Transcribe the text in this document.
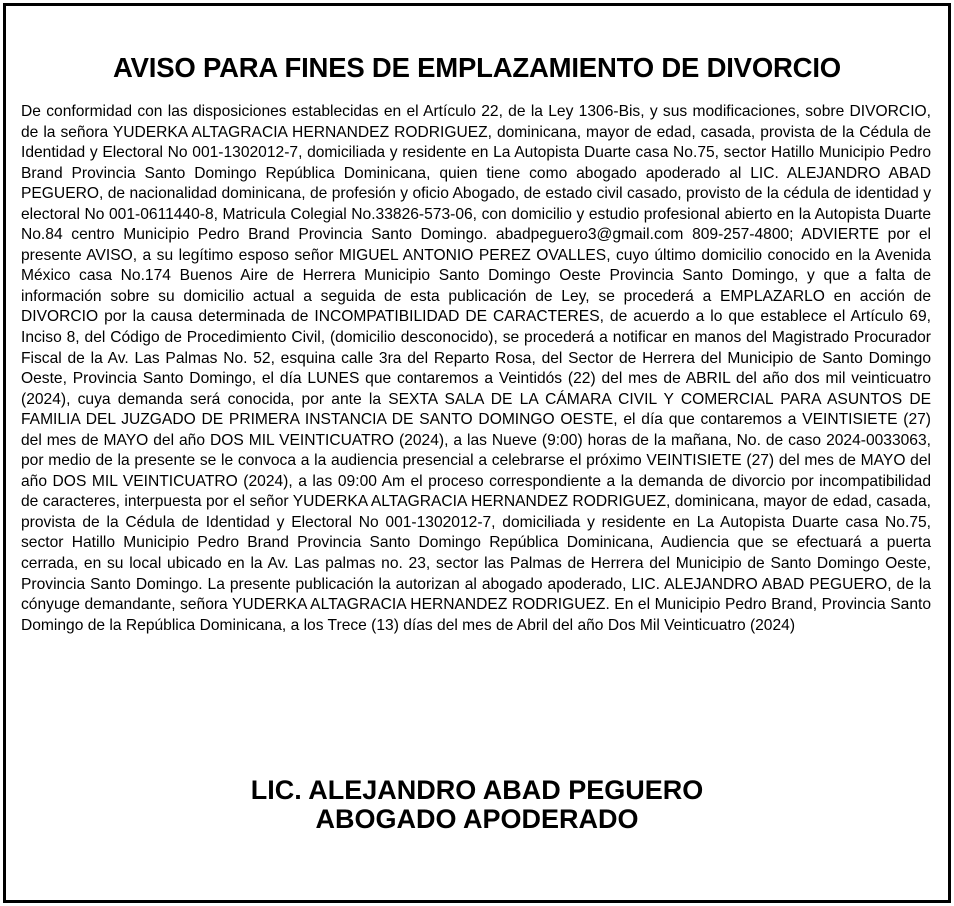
AVISO PARA FINES DE EMPLAZAMIENTO DE DIVORCIO

De conformidad con las disposiciones establecidas en el Artículo 22, de la Ley 1306-Bis, y sus modificaciones, sobre DIVORCIO, de la señora YUDERKA ALTAGRACIA HERNANDEZ RODRIGUEZ, dominicana, mayor de edad, casada, provista de la Cédula de Identidad y Electoral No 001-1302012-7, domiciliada y residente en La Autopista Duarte casa No.75, sector Hatillo Municipio Pedro Brand Provincia Santo Domingo República Dominicana, quien tiene como abogado apoderado al LIC. ALEJANDRO ABAD PEGUERO, de nacionalidad dominicana, de profesión y oficio Abogado, de estado civil casado, provisto de la cédula de identidad y electoral No 001-0611440-8, Matricula Colegial No.33826-573-06, con domicilio y estudio profesional abierto en la Autopista Duarte No.84 centro Municipio Pedro Brand Provincia Santo Domingo. abadpeguero3@gmail.com 809-257-4800; ADVIERTE por el presente AVISO, a su legítimo esposo señor MIGUEL ANTONIO PEREZ OVALLES, cuyo último domicilio conocido en la Avenida México casa No.174 Buenos Aire de Herrera Municipio Santo Domingo Oeste Provincia Santo Domingo, y que a falta de información sobre su domicilio actual a seguida de esta publicación de Ley, se procederá a EMPLAZARLO en acción de DIVORCIO por la causa determinada de INCOMPATIBILIDAD DE CARACTERES, de acuerdo a lo que establece el Artículo 69, Inciso 8, del Código de Procedimiento Civil, (domicilio desconocido), se procederá a notificar en manos del Magistrado Procurador Fiscal de la Av. Las Palmas No. 52, esquina calle 3ra del Reparto Rosa, del Sector de Herrera del Municipio de Santo Domingo Oeste, Provincia Santo Domingo, el día LUNES que contaremos a Veintidós (22) del mes de ABRIL del año dos mil veinticuatro (2024), cuya demanda será conocida, por ante la SEXTA SALA DE LA CÁMARA CIVIL Y COMERCIAL PARA ASUNTOS DE FAMILIA DEL JUZGADO DE PRIMERA INSTANCIA DE SANTO DOMINGO OESTE, el día que contaremos a VEINTISIETE (27) del mes de MAYO del año DOS MIL VEINTICUATRO (2024), a las Nueve (9:00) horas de la mañana, No. de caso 2024-0033063, por medio de la presente se le convoca a la audiencia presencial a celebrarse el próximo VEINTISIETE (27) del mes de MAYO del año DOS MIL VEINTICUATRO (2024), a las 09:00 Am el proceso correspondiente a la demanda de divorcio por incompatibilidad de caracteres, interpuesta por el señor YUDERKA ALTAGRACIA HERNANDEZ RODRIGUEZ, dominicana, mayor de edad, casada, provista de la Cédula de Identidad y Electoral No 001-1302012-7, domiciliada y residente en La Autopista Duarte casa No.75, sector Hatillo Municipio Pedro Brand Provincia Santo Domingo República Dominicana, Audiencia que se efectuará a puerta cerrada, en su local ubicado en la Av. Las palmas no. 23, sector las Palmas de Herrera del Municipio de Santo Domingo Oeste, Provincia Santo Domingo. La presente publicación la autorizan al abogado apoderado, LIC. ALEJANDRO ABAD PEGUERO, de la cónyuge demandante, señora YUDERKA ALTAGRACIA HERNANDEZ RODRIGUEZ. En el Municipio Pedro Brand, Provincia Santo Domingo de la República Dominicana, a los Trece (13) días del mes de Abril del año Dos Mil Veinticuatro (2024)

LIC. ALEJANDRO ABAD PEGUERO
ABOGADO APODERADO
